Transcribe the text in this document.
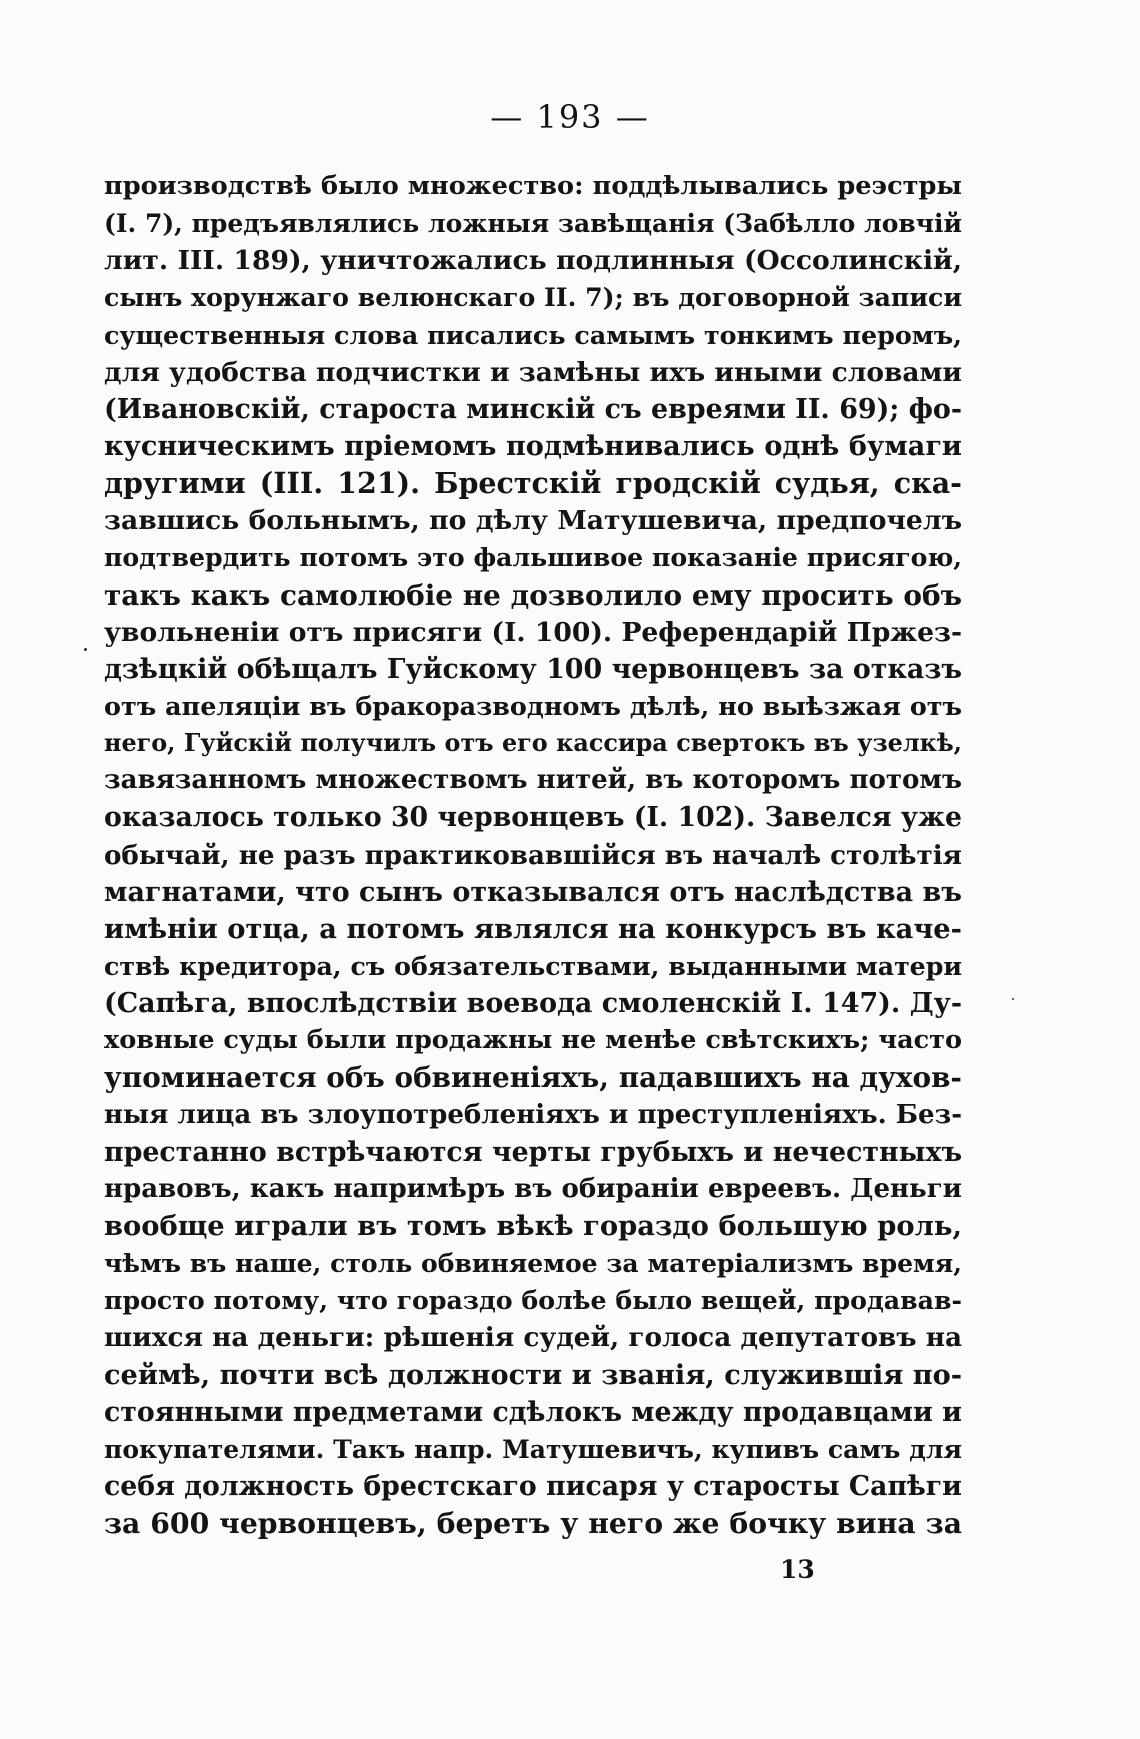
— 193 —
производствѣ было множество: поддѣлывались реэстры
(I. 7), предъявлялись ложныя завѣщанія (Забѣлло ловчій
лит. III. 189), уничтожались подлинныя (Оссолинскій,
сынъ хорунжаго велюнскаго II. 7); въ договорной записи
существенныя слова писались самымъ тонкимъ перомъ,
для удобства подчистки и замѣны ихъ иными словами
(Ивановскій, староста минскій съ евреями II. 69); фо-
кусническимъ пріемомъ подмѣнивались однѣ бумаги
другими (III. 121). Брестскій гродскій судья, ска-
завшись больнымъ, по дѣлу Матушевича, предпочелъ
подтвердить потомъ это фальшивое показаніе присягою,
такъ какъ самолюбіе не дозволило ему просить объ
увольненіи отъ присяги (I. 100). Референдарій Пржез-
дзѣцкій обѣщалъ Гуйскому 100 червонцевъ за отказъ
отъ апеляціи въ бракоразводномъ дѣлѣ, но выѣзжая отъ
него, Гуйскій получилъ отъ его кассира свертокъ въ узелкѣ,
завязанномъ множествомъ нитей, въ которомъ потомъ
оказалось только 30 червонцевъ (I. 102). Завелся уже
обычай, не разъ практиковавшійся въ началѣ столѣтія
магнатами, что сынъ отказывался отъ наслѣдства въ
имѣніи отца, а потомъ являлся на конкурсъ въ каче-
ствѣ кредитора, съ обязательствами, выданными матери
(Сапѣга, впослѣдствіи воевода смоленскій I. 147). Ду-
ховные суды были продажны не менѣе свѣтскихъ; часто
упоминается объ обвиненіяхъ, падавшихъ на духов-
ныя лица въ злоупотребленіяхъ и преступленіяхъ. Без-
престанно встрѣчаются черты грубыхъ и нечестныхъ
нравовъ, какъ напримѣръ въ обираніи евреевъ. Деньги
вообще играли въ томъ вѣкѣ гораздо большую роль,
чѣмъ въ наше, столь обвиняемое за матеріализмъ время,
просто потому, что гораздо болѣе было вещей, продавав-
шихся на деньги: рѣшенія судей, голоса депутатовъ на
сеймѣ, почти всѣ должности и званія, служившія по-
стоянными предметами сдѣлокъ между продавцами и
покупателями. Такъ напр. Матушевичъ, купивъ самъ для
себя должность брестскаго писаря у старосты Сапѣги
за 600 червонцевъ, беретъ у него же бочку вина за
13
